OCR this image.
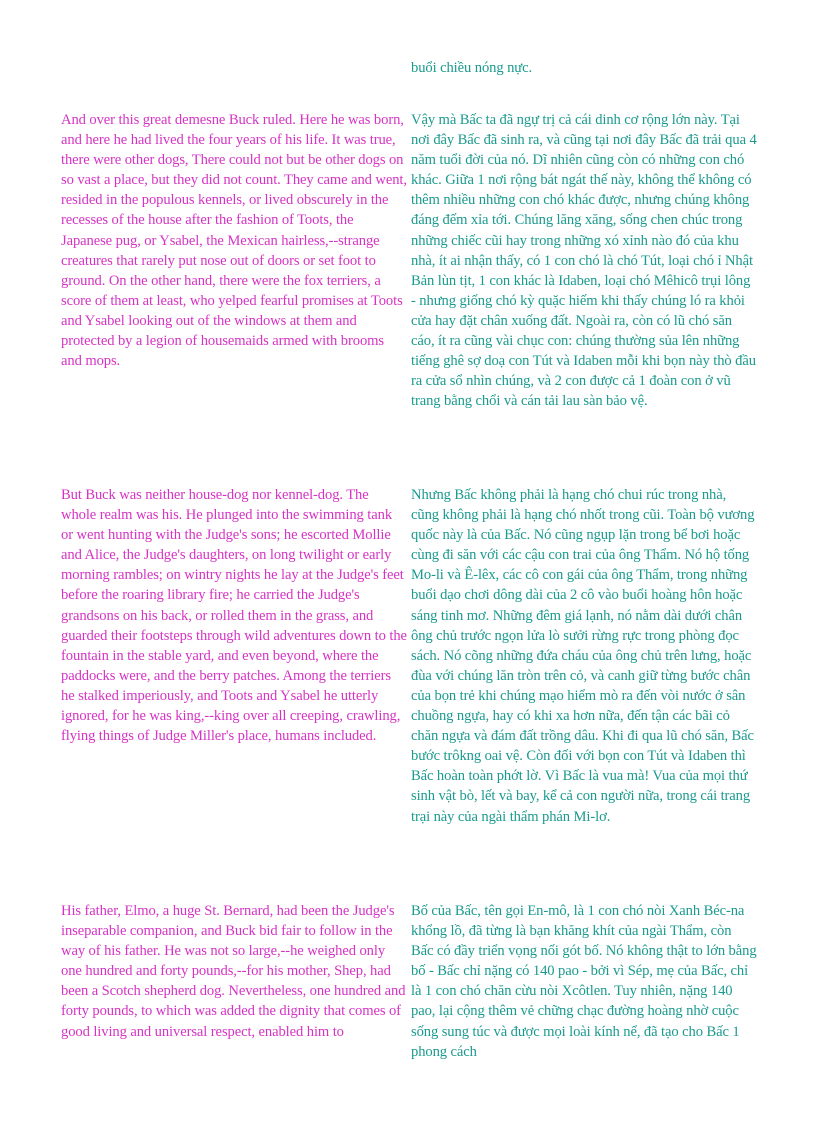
buổi chiều nóng nực.

And over this great demesne Buck ruled. Here he was born, and here he had lived the four years of his life. It was true, there were other dogs, There could not but be other dogs on so vast a place, but they did not count. They came and went, resided in the populous kennels, or lived obscurely in the recesses of the house after the fashion of Toots, the Japanese pug, or Ysabel, the Mexican hairless,--strange creatures that rarely put nose out of doors or set foot to ground. On the other hand, there were the fox terriers, a score of them at least, who yelped fearful promises at Toots and Ysabel looking out of the windows at them and protected by a legion of housemaids armed with brooms and mops.

Vậy mà Bấc ta đã ngự trị cả cái dinh cơ rộng lớn này. Tại nơi đây Bấc đã sinh ra, và cũng tại nơi đây Bấc đã trải qua 4 năm tuổi đời của nó. Dĩ nhiên cũng còn có những con chó khác. Giữa 1 nơi rộng bát ngát thế này, không thể không có thêm nhiều những con chó khác được, nhưng chúng không đáng đếm xỉa tới. Chúng lăng xăng, sống chen chúc trong những chiếc cũi hay trong những xó xỉnh nào đó của khu nhà, ít ai nhận thấy, có 1 con chó là chó Tút, loại chó ỉ Nhật Bản lùn tịt, 1 con khác là Idaben, loại chó Mêhicô trụi lông - nhưng giống chó kỳ quặc hiếm khi thấy chúng ló ra khỏi cửa hay đặt chân xuống đất. Ngoài ra, còn có lũ chó săn cáo, ít ra cũng vài chục con: chúng thường sủa lên những tiếng ghê sợ doạ con Tút và Idaben mỗi khi bọn này thò đầu ra cửa sổ nhìn chúng, và 2 con được cả 1 đoàn con ở vũ trang bằng chổi và cán tải lau sàn bảo vệ.

But Buck was neither house-dog nor kennel-dog. The whole realm was his. He plunged into the swimming tank or went hunting with the Judge's sons; he escorted Mollie and Alice, the Judge's daughters, on long twilight or early morning rambles; on wintry nights he lay at the Judge's feet before the roaring library fire; he carried the Judge's grandsons on his back, or rolled them in the grass, and guarded their footsteps through wild adventures down to the fountain in the stable yard, and even beyond, where the paddocks were, and the berry patches. Among the terriers he stalked imperiously, and Toots and Ysabel he utterly ignored, for he was king,--king over all creeping, crawling, flying things of Judge Miller's place, humans included.

Nhưng Bấc không phải là hạng chó chui rúc trong nhà, cũng không phải là hạng chó nhốt trong cũi. Toàn bộ vương quốc này là của Bấc. Nó cũng ngụp lặn trong bể bơi hoặc cùng đi săn với các cậu con trai của ông Thẩm. Nó hộ tống Mo-li và Ê-lêx, các cô con gái của ông Thẩm, trong những buổi dạo chơi dông dài của 2 cô vào buổi hoàng hôn hoặc sáng tinh mơ. Những đêm giá lạnh, nó nằm dài dưới chân ông chủ trước ngọn lửa lò sưởi rừng rực trong phòng đọc sách. Nó cõng những đứa cháu của ông chủ trên lưng, hoặc đùa với chúng lăn tròn trên cỏ, và canh giữ từng bước chân của bọn trẻ khi chúng mạo hiểm mò ra đến vòi nước ở sân chuồng ngựa, hay có khi xa hơn nữa, đến tận các bãi cỏ chăn ngựa và đám đất trồng dâu. Khi đi qua lũ chó săn, Bấc bước trôkng oai vệ. Còn đối với bọn con Tút và Idaben thì Bấc hoàn toàn phớt lờ. Vì Bấc là vua mà! Vua của mọi thứ sinh vật bò, lết và bay, kể cả con người nữa, trong cái trang trại này của ngài thẩm phán Mi-lơ.

His father, Elmo, a huge St. Bernard, had been the Judge's inseparable companion, and Buck bid fair to follow in the way of his father. He was not so large,--he weighed only one hundred and forty pounds,--for his mother, Shep, had been a Scotch shepherd dog. Nevertheless, one hundred and forty pounds, to which was added the dignity that comes of good living and universal respect, enabled him to

Bố của Bấc, tên gọi En-mô, là 1 con chó nòi Xanh Béc-na khổng lồ, đã từng là bạn khăng khít của ngài Thẩm, còn Bấc có đầy triển vọng nối gót bố. Nó không thật to lớn bằng bố - Bấc chỉ nặng có 140 pao - bởi vì Sép, mẹ của Bấc, chỉ là 1 con chó chăn cừu nòi Xcôtlen. Tuy nhiên, nặng 140 pao, lại cộng thêm vẻ chững chạc đường hoàng nhờ cuộc sống sung túc và được mọi loài kính nể, đã tạo cho Bấc 1 phong cách
